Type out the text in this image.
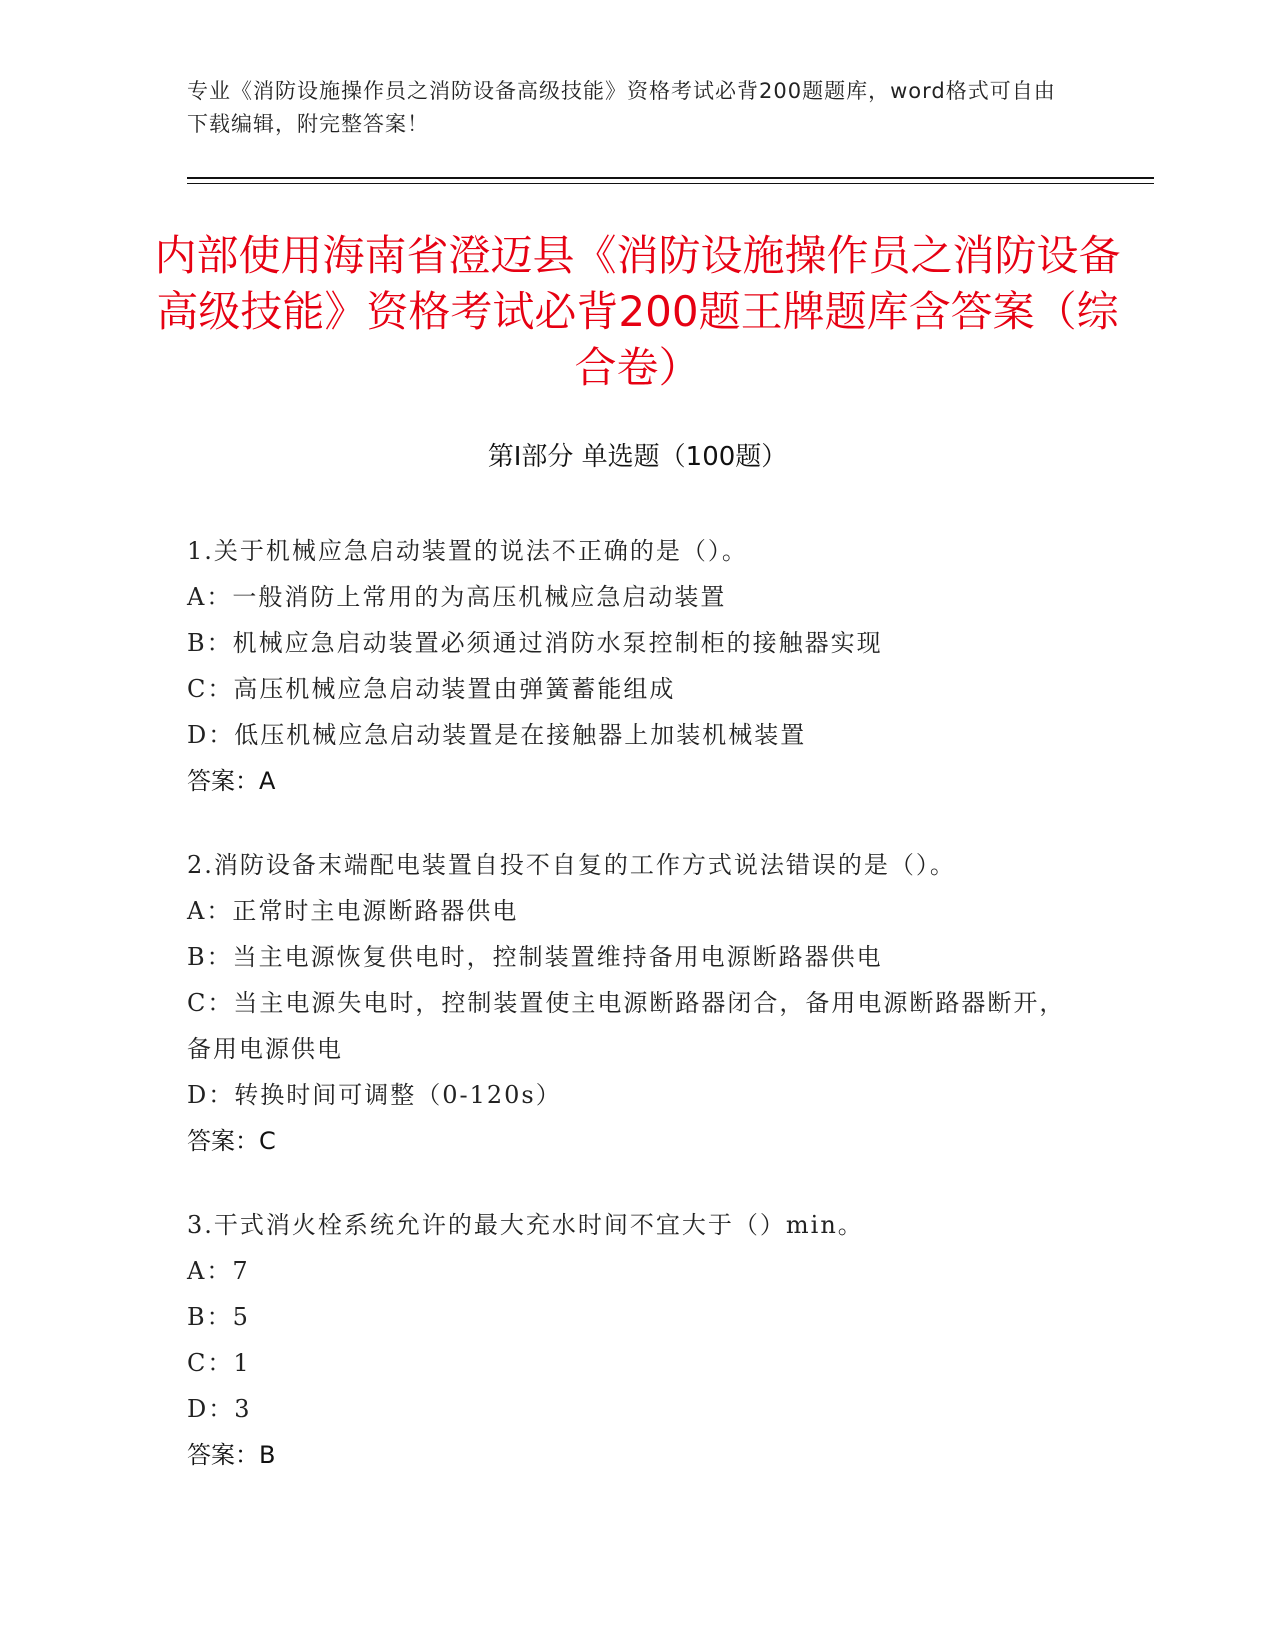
专业《消防设施操作员之消防设备高级技能》资格考试必背200题题库，word格式可自由下载编辑，附完整答案！
内部使用海南省澄迈县《消防设施操作员之消防设备高级技能》资格考试必背200题王牌题库含答案（综合卷）
第Ⅰ部分 单选题（100题）
1.关于机械应急启动装置的说法不正确的是（）。
A：一般消防上常用的为高压机械应急启动装置
B：机械应急启动装置必须通过消防水泵控制柜的接触器实现
C：高压机械应急启动装置由弹簧蓄能组成
D：低压机械应急启动装置是在接触器上加装机械装置
答案：A
2.消防设备末端配电装置自投不自复的工作方式说法错误的是（）。
A：正常时主电源断路器供电
B：当主电源恢复供电时，控制装置维持备用电源断路器供电
C：当主电源失电时，控制装置使主电源断路器闭合，备用电源断路器断开，备用电源供电
D：转换时间可调整（0-120s）
答案：C
3.干式消火栓系统允许的最大充水时间不宜大于（）min。
A：7
B：5
C：1
D：3
答案：B
